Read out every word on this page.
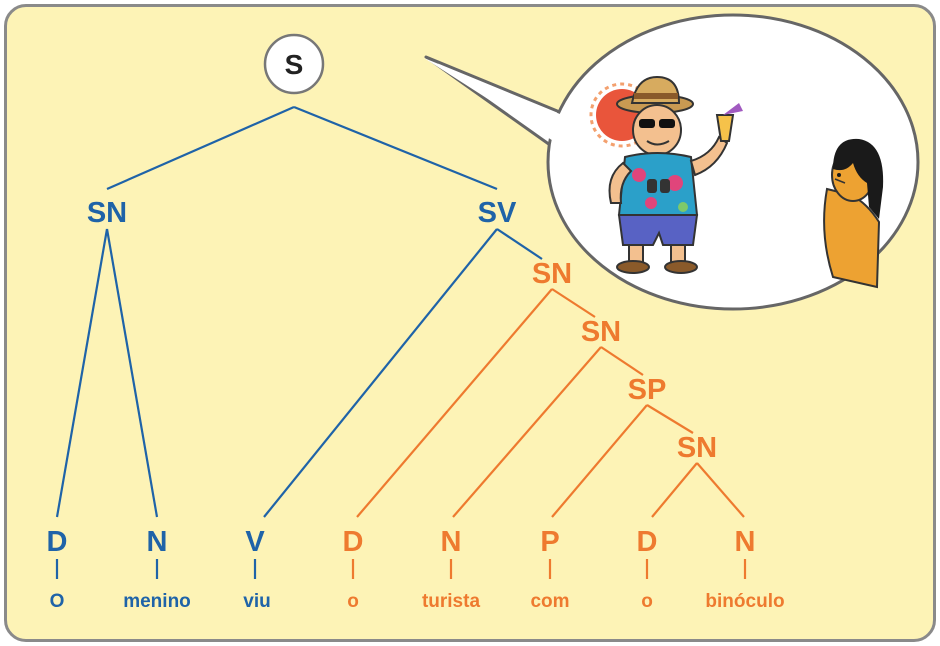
S
SN	SV
SN
SN
SP
SN
D	N	V	D	N	P	D	N
O	menino	viu	o	turista	com	o	binóculo
